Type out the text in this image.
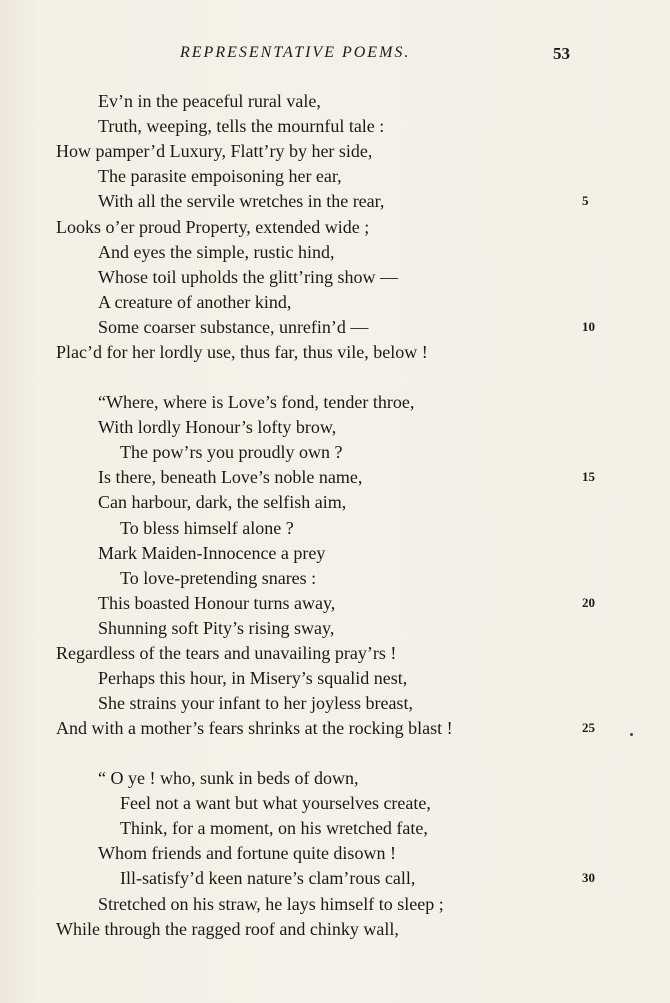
REPRESENTATIVE POEMS.	53
Ev’n in the peaceful rural vale,
Truth, weeping, tells the mournful tale :
How pamper’d Luxury, Flatt’ry by her side,
The parasite empoisoning her ear,
With all the servile wretches in the rear,	5
Looks o’er proud Property, extended wide ;
And eyes the simple, rustic hind,
Whose toil upholds the glitt’ring show —
A creature of another kind,
Some coarser substance, unrefin’d —	10
Plac’d for her lordly use, thus far, thus vile, below !
“Where, where is Love’s fond, tender throe,
With lordly Honour’s lofty brow,
The pow’rs you proudly own ?
Is there, beneath Love’s noble name,	15
Can harbour, dark, the selfish aim,
To bless himself alone ?
Mark Maiden-Innocence a prey
To love-pretending snares :
This boasted Honour turns away,	20
Shunning soft Pity’s rising sway,
Regardless of the tears and unavailing pray’rs !
Perhaps this hour, in Misery’s squalid nest,
She strains your infant to her joyless breast,
And with a mother’s fears shrinks at the rocking blast !	25
“ O ye ! who, sunk in beds of down,
Feel not a want but what yourselves create,
Think, for a moment, on his wretched fate,
Whom friends and fortune quite disown !
Ill-satisfy’d keen nature’s clam’rous call,	30
Stretched on his straw, he lays himself to sleep ;
While through the ragged roof and chinky wall,
